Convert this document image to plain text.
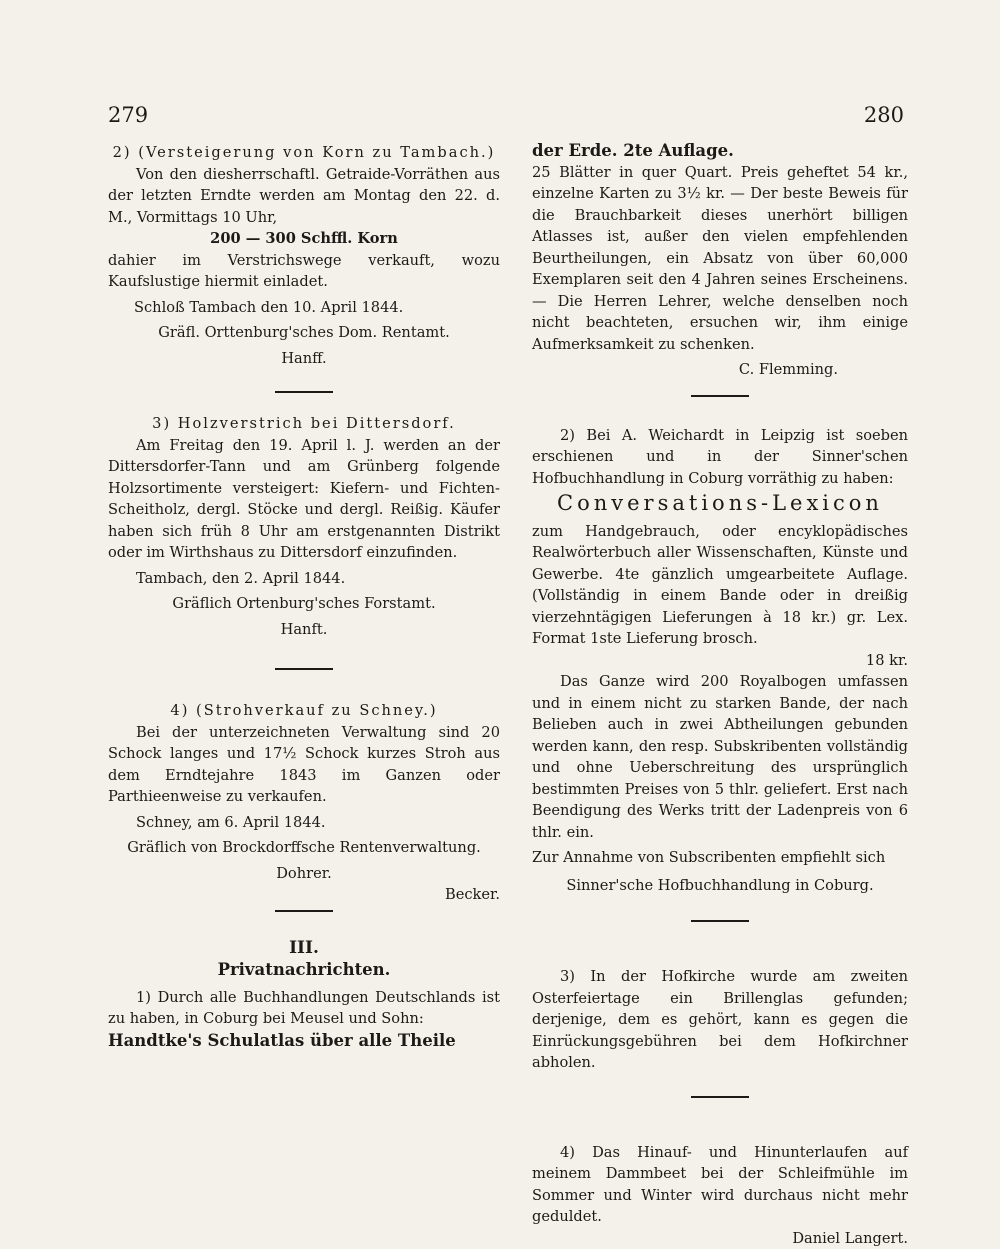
279	280

2) (Versteigerung von Korn zu Tambach.)

Von den diesherrschaftl. Getraide-Vorräthen aus der letzten Erndte werden am Montag den 22. d. M., Vormittags 10 Uhr,

200 — 300 Schffl. Korn

dahier im Verstrichswege verkauft, wozu Kaufslustige hiermit einladet.

Schloß Tambach den 10. April 1844.

Gräfl. Orttenburg'sches Dom. Rentamt.

Hanff.

3) Holzverstrich bei Dittersdorf.

Am Freitag den 19. April l. J. werden an der Dittersdorfer-Tann und am Grünberg folgende Holzsortimente versteigert: Kiefern- und Fichten-Scheitholz, dergl. Stöcke und dergl. Reißig. Käufer haben sich früh 8 Uhr am erstgenannten Distrikt oder im Wirthshaus zu Dittersdorf einzufinden.

Tambach, den 2. April 1844.

Gräflich Ortenburg'sches Forstamt.

Hanft.

4) (Strohverkauf zu Schney.)

Bei der unterzeichneten Verwaltung sind 20 Schock langes und 17½ Schock kurzes Stroh aus dem Erndtejahre 1843 im Ganzen oder Parthieenweise zu verkaufen.

Schney, am 6. April 1844.

Gräflich von Brockdorffsche Rentenverwaltung.

Dohrer.

Becker.

III.

Privatnachrichten.

1) Durch alle Buchhandlungen Deutschlands ist zu haben, in Coburg bei Meusel und Sohn:

Handtke's Schulatlas über alle Theile

der Erde. 2te Auflage.

25 Blätter in quer Quart. Preis geheftet 54 kr., einzelne Karten zu 3½ kr. — Der beste Beweis für die Brauchbarkeit dieses unerhört billigen Atlasses ist, außer den vielen empfehlenden Beurtheilungen, ein Absatz von über 60,000 Exemplaren seit den 4 Jahren seines Erscheinens. — Die Herren Lehrer, welche denselben noch nicht beachteten, ersuchen wir, ihm einige Aufmerksamkeit zu schenken.

C. Flemming.

2) Bei A. Weichardt in Leipzig ist soeben erschienen und in der Sinner'schen Hofbuchhandlung in Coburg vorräthig zu haben:

Conversations-Lexicon

zum Handgebrauch, oder encyklopädisches Realwörterbuch aller Wissenschaften, Künste und Gewerbe. 4te gänzlich umgearbeitete Auflage. (Vollständig in einem Bande oder in dreißig vierzehntägigen Lieferungen à 18 kr.) gr. Lex. Format 1ste Lieferung brosch.

18 kr.

Das Ganze wird 200 Royalbogen umfassen und in einem nicht zu starken Bande, der nach Belieben auch in zwei Abtheilungen gebunden werden kann, den resp. Subskribenten vollständig und ohne Ueberschreitung des ursprünglich bestimmten Preises von 5 thlr. geliefert. Erst nach Beendigung des Werks tritt der Ladenpreis von 6 thlr. ein.

Zur Annahme von Subscribenten empfiehlt sich

Sinner'sche Hofbuchhandlung in Coburg.

3) In der Hofkirche wurde am zweiten Osterfeiertage ein Brillenglas gefunden; derjenige, dem es gehört, kann es gegen die Einrückungsgebühren bei dem Hofkirchner abholen.

4) Das Hinauf- und Hinunterlaufen auf meinem Dammbeet bei der Schleifmühle im Sommer und Winter wird durchaus nicht mehr geduldet.

Daniel Langert.
